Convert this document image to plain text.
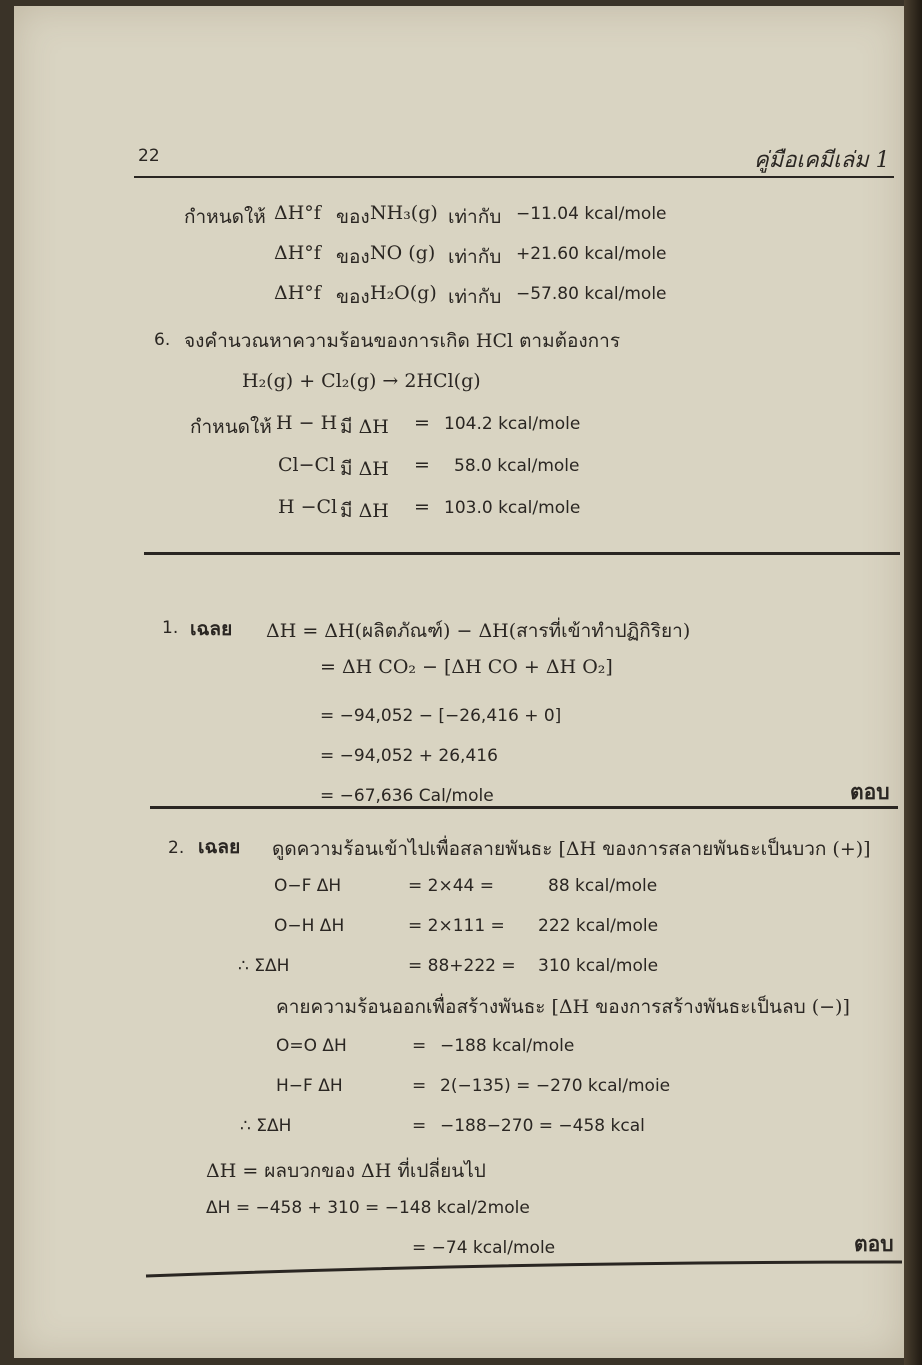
22	คู่มือเคมีเล่ม 1
กำหนดให้ ΔH°f ของ NH₃(g) เท่ากับ −11.04 kcal/mole
ΔH°f ของ NO (g) เท่ากับ +21.60 kcal/mole
ΔH°f ของ H₂O(g) เท่ากับ −57.80 kcal/mole
6. จงคำนวณหาความร้อนของการเกิด HCl ตามต้องการ
H₂(g) + Cl₂(g) → 2HCl(g)
กำหนดให้ H − H มี ΔH = 104.2 kcal/mole
Cl−Cl มี ΔH = 58.0 kcal/mole
H −Cl มี ΔH = 103.0 kcal/mole
1. เฉลย ΔH = ΔH(ผลิตภัณฑ์) − ΔH(สารที่เข้าทำปฏิกิริยา)
= ΔH CO₂ − [ΔH CO + ΔH O₂]
= −94,052 − [−26,416 + 0]
= −94,052 + 26,416
= −67,636 Cal/mole	ตอบ
2. เฉลย ดูดความร้อนเข้าไปเพื่อสลายพันธะ [ΔH ของการสลายพันธะเป็นบวก (+)]
O−F ΔH	= 2×44 =	88 kcal/mole
O−H ΔH	= 2×111 = 222 kcal/mole
∴ ΣΔH	= 88+222 = 310 kcal/mole
คายความร้อนออกเพื่อสร้างพันธะ [ΔH ของการสร้างพันธะเป็นลบ (−)]
O=O ΔH	= −188 kcal/mole
H−F ΔH	= 2(−135) = −270 kcal/moie
∴ ΣΔH	= −188−270 = −458 kcal
ΔH = ผลบวกของ ΔH ที่เปลี่ยนไป
ΔH = −458 + 310 = −148 kcal/2mole
= −74 kcal/mole	ตอบ
